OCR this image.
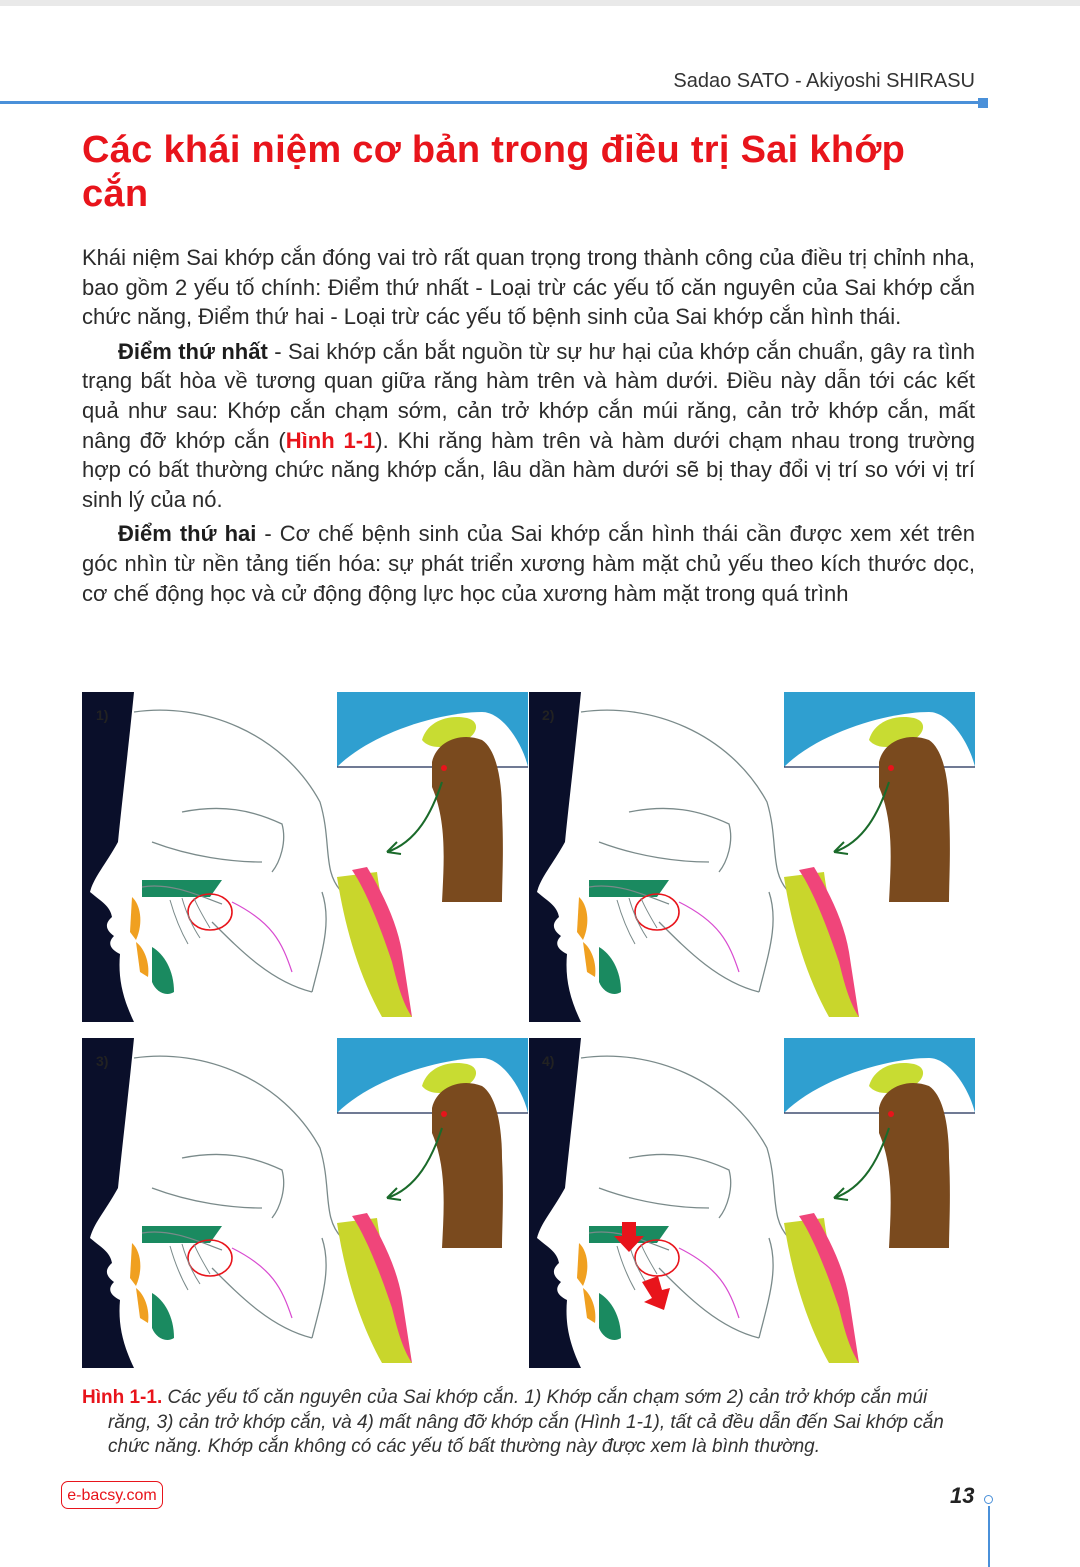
Sadao SATO - Akiyoshi SHIRASU
Các khái niệm cơ bản trong điều trị Sai khớp cắn

Khái niệm Sai khớp cắn đóng vai trò rất quan trọng trong thành công của điều trị chỉnh nha, bao gồm 2 yếu tố chính: Điểm thứ nhất - Loại trừ các yếu tố căn nguyên của Sai khớp cắn chức năng, Điểm thứ hai - Loại trừ các yếu tố bệnh sinh của Sai khớp cắn hình thái.

Điểm thứ nhất - Sai khớp cắn bắt nguồn từ sự hư hại của khớp cắn chuẩn, gây ra tình trạng bất hòa về tương quan giữa răng hàm trên và hàm dưới. Điều này dẫn tới các kết quả như sau: Khớp cắn chạm sớm, cản trở khớp cắn múi răng, cản trở khớp cắn, mất nâng đỡ khớp cắn (Hình 1-1). Khi răng hàm trên và hàm dưới chạm nhau trong trường hợp có bất thường chức năng khớp cắn, lâu dần hàm dưới sẽ bị thay đổi vị trí so với vị trí sinh lý của nó.

Điểm thứ hai - Cơ chế bệnh sinh của Sai khớp cắn hình thái cần được xem xét trên góc nhìn từ nền tảng tiến hóa: sự phát triển xương hàm mặt chủ yếu theo kích thước dọc, cơ chế động học và cử động động lực học của xương hàm mặt trong quá trình

1)	2)
3)	4)
Hình 1-1. Các yếu tố căn nguyên của Sai khớp cắn. 1) Khớp cắn chạm sớm 2) cản trở khớp cắn múi răng, 3) cản trở khớp cắn, và 4) mất nâng đỡ khớp cắn (Hình 1-1), tất cả đều dẫn đến Sai khớp cắn chức năng. Khớp cắn không có các yếu tố bất thường này được xem là bình thường.
e-bacsy.com	13
